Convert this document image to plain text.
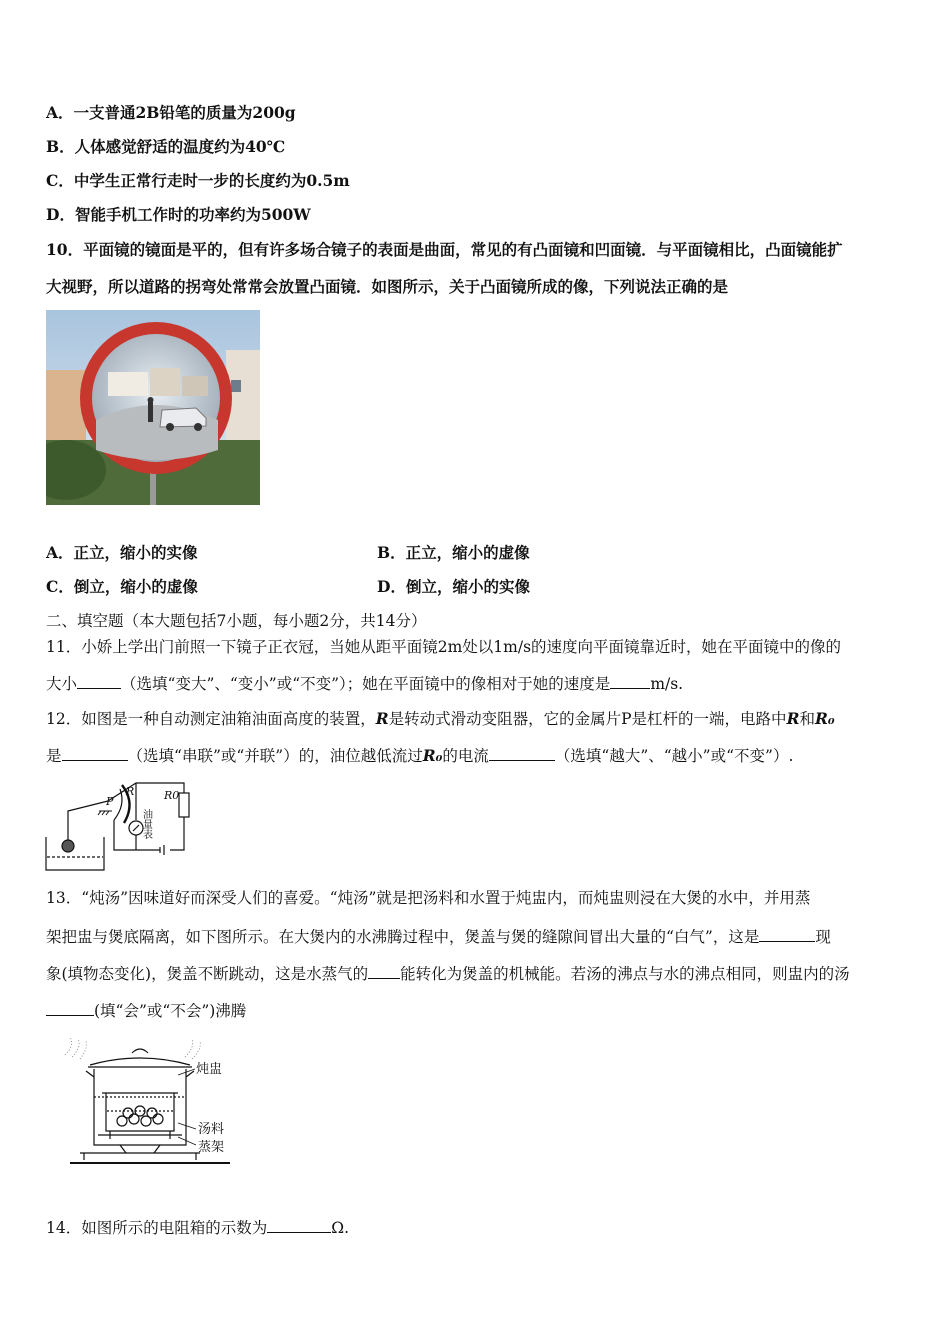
A．一支普通2B铅笔的质量为200g
B．人体感觉舒适的温度约为40℃
C．中学生正常行走时一步的长度约为0.5m
D．智能手机工作时的功率约为500W
10．平面镜的镜面是平的，但有许多场合镜子的表面是曲面，常见的有凸面镜和凹面镜．与平面镜相比，凸面镜能扩
大视野，所以道路的拐弯处常常会放置凸面镜．如图所示，关于凸面镜所成的像，下列说法正确的是
A．正立，缩小的实像	B．正立，缩小的虚像
C．倒立，缩小的虚像	D．倒立，缩小的实像
二、填空题（本大题包括7小题，每小题2分，共14分）
11．小娇上学出门前照一下镜子正衣冠，当她从距平面镜2m处以1m/s的速度向平面镜靠近时，她在平面镜中的像的
大小	（选填“变大”、“变小”或“不变”）；她在平面镜中的像相对于她的速度是	m/s.
12．如图是一种自动测定油箱油面高度的装置，R是转动式滑动变阻器，它的金属片P是杠杆的一端，电路中R和R₀
是	（选填“串联”或“并联”）的，油位越低流过R₀的电流	（选填“越大”、“越小”或“不变”）.
R	R0
P
油量表
13．“炖汤”因味道好而深受人们的喜爱。“炖汤”就是把汤料和水置于炖盅内，而炖盅则浸在大煲的水中，并用蒸
架把盅与煲底隔离，如下图所示。在大煲内的水沸腾过程中，煲盖与煲的缝隙间冒出大量的“白气”，这是	现
象(填物态变化)，煲盖不断跳动，这是水蒸气的 能转化为煲盖的机械能。若汤的沸点与水的沸点相同，则盅内的汤
(填“会”或“不会”)沸腾
炖盅
汤料
蒸架
14．如图所示的电阻箱的示数为	Ω.
